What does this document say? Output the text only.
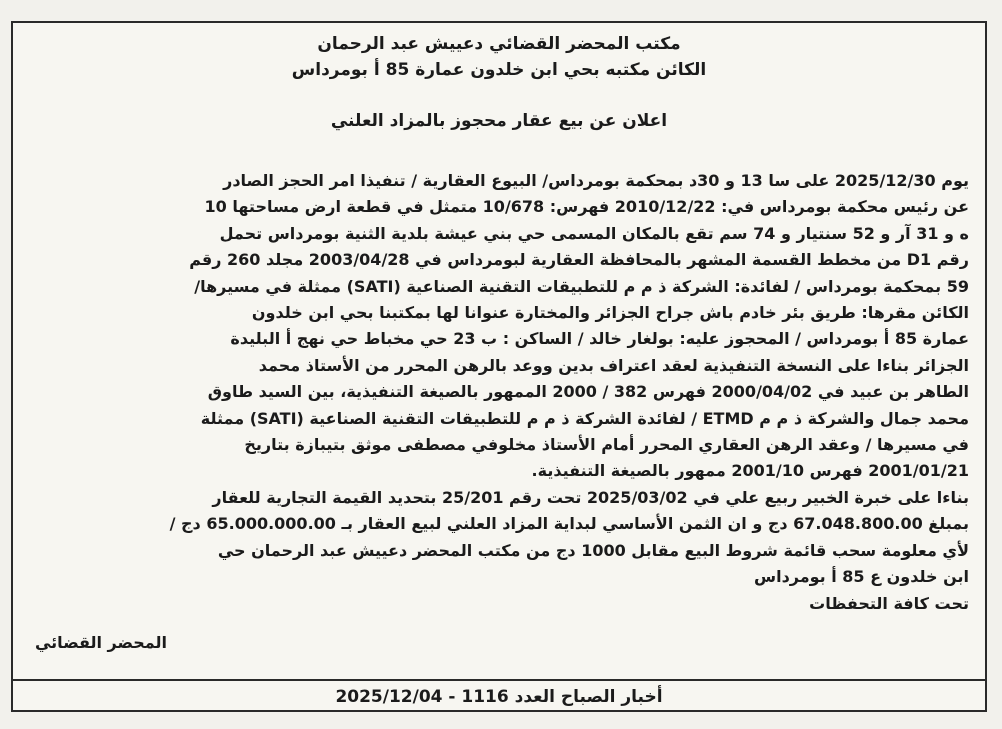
مكتب المحضر القضائي دعييش عبد الرحمان
الكائن مكتبه بحي ابن خلدون عمارة 85 أ بومرداس
اعلان عن بيع عقار محجوز بالمزاد العلني
يوم 2025/12/30 على سا 13 و 30د بمحكمة بومرداس/ البيوع العقارية / تنفيذا امر الحجز الصادر
عن رئيس محكمة بومرداس في: 2010/12/22 فهرس: 10/678 متمثل في قطعة ارض مساحتها 10
ه و 31 آر و 52 سنتيار و 74 سم تقع بالمكان المسمى حي بني عيشة بلدية الثنية بومرداس تحمل
رقم D1 من مخطط القسمة المشهر بالمحافظة العقارية لبومرداس في 2003/04/28 مجلد 260 رقم
59 بمحكمة بومرداس / لفائدة: الشركة ذ م م للتطبيقات التقنية الصناعية (SATI) ممثلة في مسيرها/
الكائن مقرها: طريق بئر خادم باش جراح الجزائر والمختارة عنوانا لها بمكتبنا بحي ابن خلدون
عمارة 85 أ بومرداس / المحجوز عليه: بولغار خالد / الساكن : ب 23 حي مخباط حي نهج أ البليدة
الجزائر بناءا على النسخة التنفيذية لعقد اعتراف بدين ووعد بالرهن المحرر من الأستاذ محمد
الطاهر بن عبيد في 2000/04/02 فهرس 382 / 2000 الممهور بالصيغة التنفيذية، بين السيد طاوق
محمد جمال والشركة ذ م م ETMD / لفائدة الشركة ذ م م للتطبيقات التقنية الصناعية (SATI) ممثلة
في مسيرها / وعقد الرهن العقاري المحرر أمام الأستاذ مخلوفي مصطفى موثق بتيبازة بتاريخ
2001/01/21 فهرس 2001/10 ممهور بالصيغة التنفيذية.
بناءا على خبرة الخبير ربيع علي في 2025/03/02 تحت رقم 25/201 بتحديد القيمة التجارية للعقار
بمبلغ 67.048.800.00 دج و ان الثمن الأساسي لبداية المزاد العلني لبيع العقار بـ 65.000.000.00 دج /
لأي معلومة سحب قائمة شروط البيع مقابل 1000 دج من مكتب المحضر دعييش عبد الرحمان حي
ابن خلدون ع 85 أ بومرداس
تحت كافة التحفظات
المحضر القضائي
أخبار الصباح العدد 1116 - 2025/12/04
